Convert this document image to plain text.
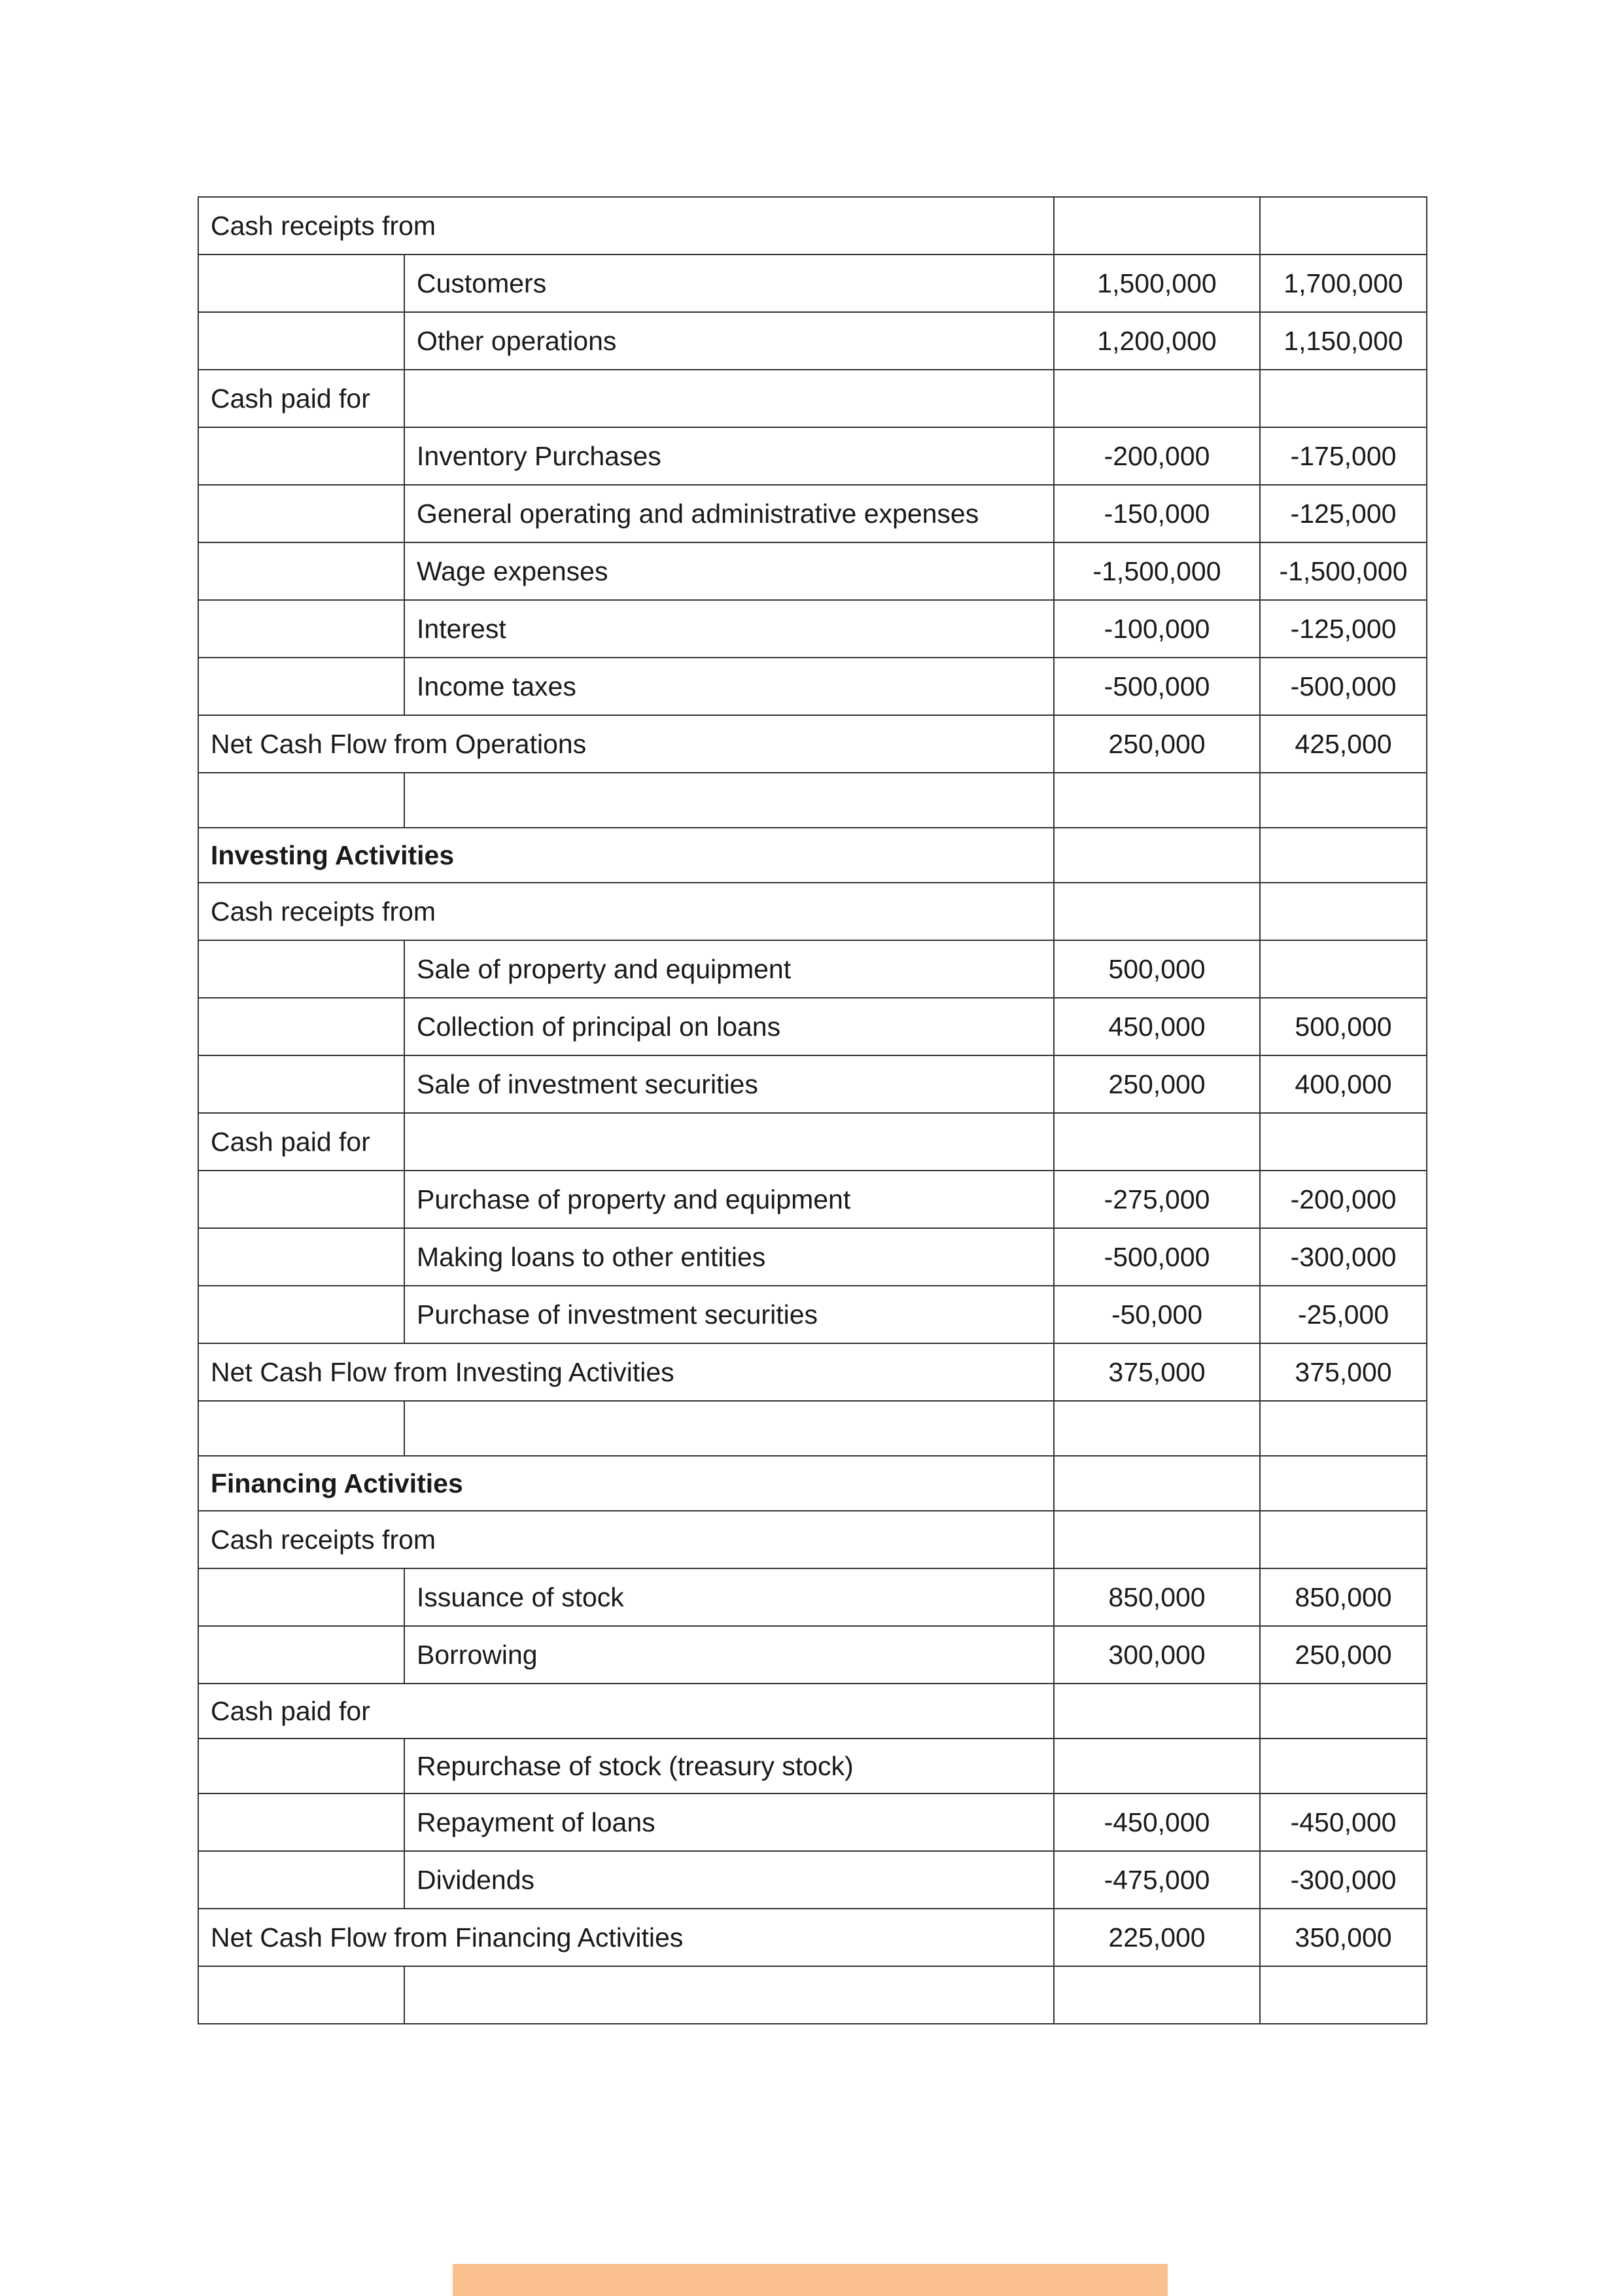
Cash receipts from			
	Customers	1,500,000	1,700,000
	Other operations	1,200,000	1,150,000
Cash paid for			
	Inventory Purchases	-200,000	-175,000
	General operating and administrative expenses	-150,000	-125,000
	Wage expenses	-1,500,000	-1,500,000
	Interest	-100,000	-125,000
	Income taxes	-500,000	-500,000
Net Cash Flow from Operations		250,000	425,000

Investing Activities			
Cash receipts from			
	Sale of property and equipment	500,000	
	Collection of principal on loans	450,000	500,000
	Sale of investment securities	250,000	400,000
Cash paid for			
	Purchase of property and equipment	-275,000	-200,000
	Making loans to other entities	-500,000	-300,000
	Purchase of investment securities	-50,000	-25,000
Net Cash Flow from Investing Activities		375,000	375,000

Financing Activities			
Cash receipts from			
	Issuance of stock	850,000	850,000
	Borrowing	300,000	250,000
Cash paid for			
	Repurchase of stock (treasury stock)		
	Repayment of loans	-450,000	-450,000
	Dividends	-475,000	-300,000
Net Cash Flow from Financing Activities		225,000	350,000
